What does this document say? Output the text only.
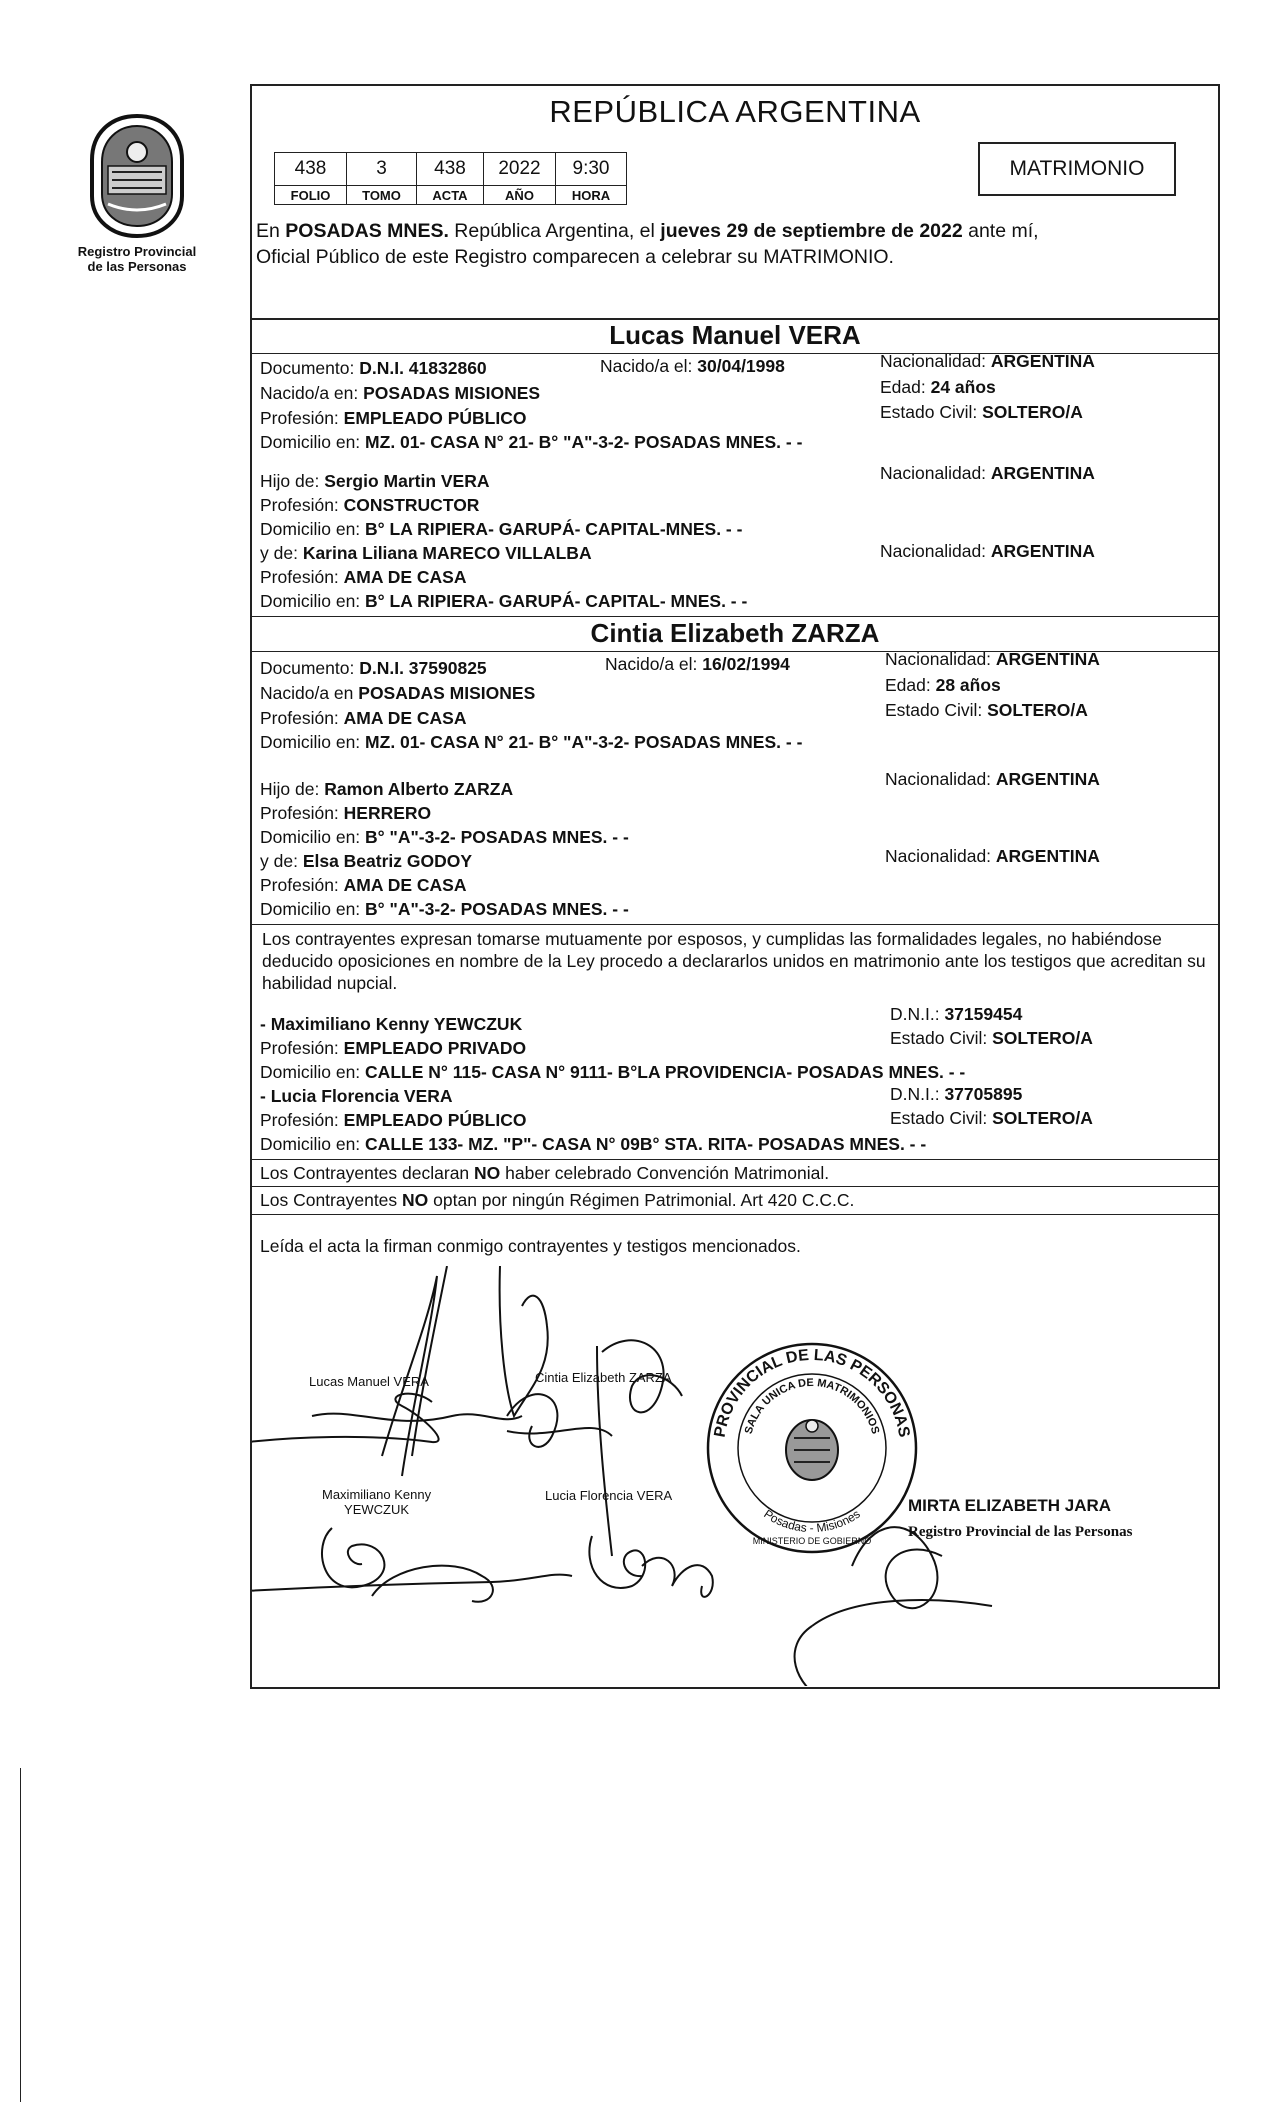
Registro Provincial
de las Personas
REPÚBLICA ARGENTINA
438	3	438	2022	9:30
FOLIO	TOMO	ACTA	AÑO	HORA
MATRIMONIO
En POSADAS MNES. República Argentina, el jueves 29 de septiembre de 2022 ante mí,
Oficial Público de este Registro comparecen a celebrar su MATRIMONIO.
Lucas Manuel VERA
Documento: D.N.I. 41832860	Nacido/a el: 30/04/1998	Nacionalidad: ARGENTINA
Nacido/a en: POSADAS MISIONES	Edad: 24 años
Profesión: EMPLEADO PÚBLICO	Estado Civil: SOLTERO/A
Domicilio en: MZ. 01- CASA N° 21- B° "A"-3-2- POSADAS MNES. - -
Hijo de: Sergio Martin VERA	Nacionalidad: ARGENTINA
Profesión: CONSTRUCTOR
Domicilio en: B° LA RIPIERA- GARUPÁ- CAPITAL-MNES. - -
y de: Karina Liliana MARECO VILLALBA	Nacionalidad: ARGENTINA
Profesión: AMA DE CASA
Domicilio en: B° LA RIPIERA- GARUPÁ- CAPITAL- MNES. - -
Cintia Elizabeth ZARZA
Documento: D.N.I. 37590825	Nacido/a el: 16/02/1994	Nacionalidad: ARGENTINA
Nacido/a en POSADAS MISIONES	Edad: 28 años
Profesión: AMA DE CASA	Estado Civil: SOLTERO/A
Domicilio en: MZ. 01- CASA N° 21- B° "A"-3-2- POSADAS MNES. - -
Hijo de: Ramon Alberto ZARZA	Nacionalidad: ARGENTINA
Profesión: HERRERO
Domicilio en: B° "A"-3-2- POSADAS MNES. - -
y de: Elsa Beatriz GODOY	Nacionalidad: ARGENTINA
Profesión: AMA DE CASA
Domicilio en: B° "A"-3-2- POSADAS MNES. - -
Los contrayentes expresan tomarse mutuamente por esposos, y cumplidas las formalidades legales, no habiéndose deducido oposiciones en nombre de la Ley procedo a declararlos unidos en matrimonio ante los testigos que acreditan su habilidad nupcial.
- Maximiliano Kenny YEWCZUK	D.N.I.: 37159454
Profesión: EMPLEADO PRIVADO	Estado Civil: SOLTERO/A
Domicilio en: CALLE N° 115- CASA N° 9111- B°LA PROVIDENCIA- POSADAS MNES. - -
- Lucia Florencia VERA	D.N.I.: 37705895
Profesión: EMPLEADO PÚBLICO	Estado Civil: SOLTERO/A
Domicilio en: CALLE 133- MZ. "P"- CASA N° 09B° STA. RITA- POSADAS MNES. - -
Los Contrayentes declaran NO haber celebrado Convención Matrimonial.
Los Contrayentes NO optan por ningún Régimen Patrimonial. Art 420 C.C.C.
Leída el acta la firman conmigo contrayentes y testigos mencionados.
Lucas Manuel VERA	Cintia Elizabeth ZARZA
Maximiliano Kenny
YEWCZUK
Lucia Florencia VERA
PROVINCIAL DE LAS PERSONAS
SALA UNICA DE MATRIMONIOS
Posadas - Misiones
MINISTERIO DE GOBIERNO
MIRTA ELIZABETH JARA
Registro Provincial de las Personas
